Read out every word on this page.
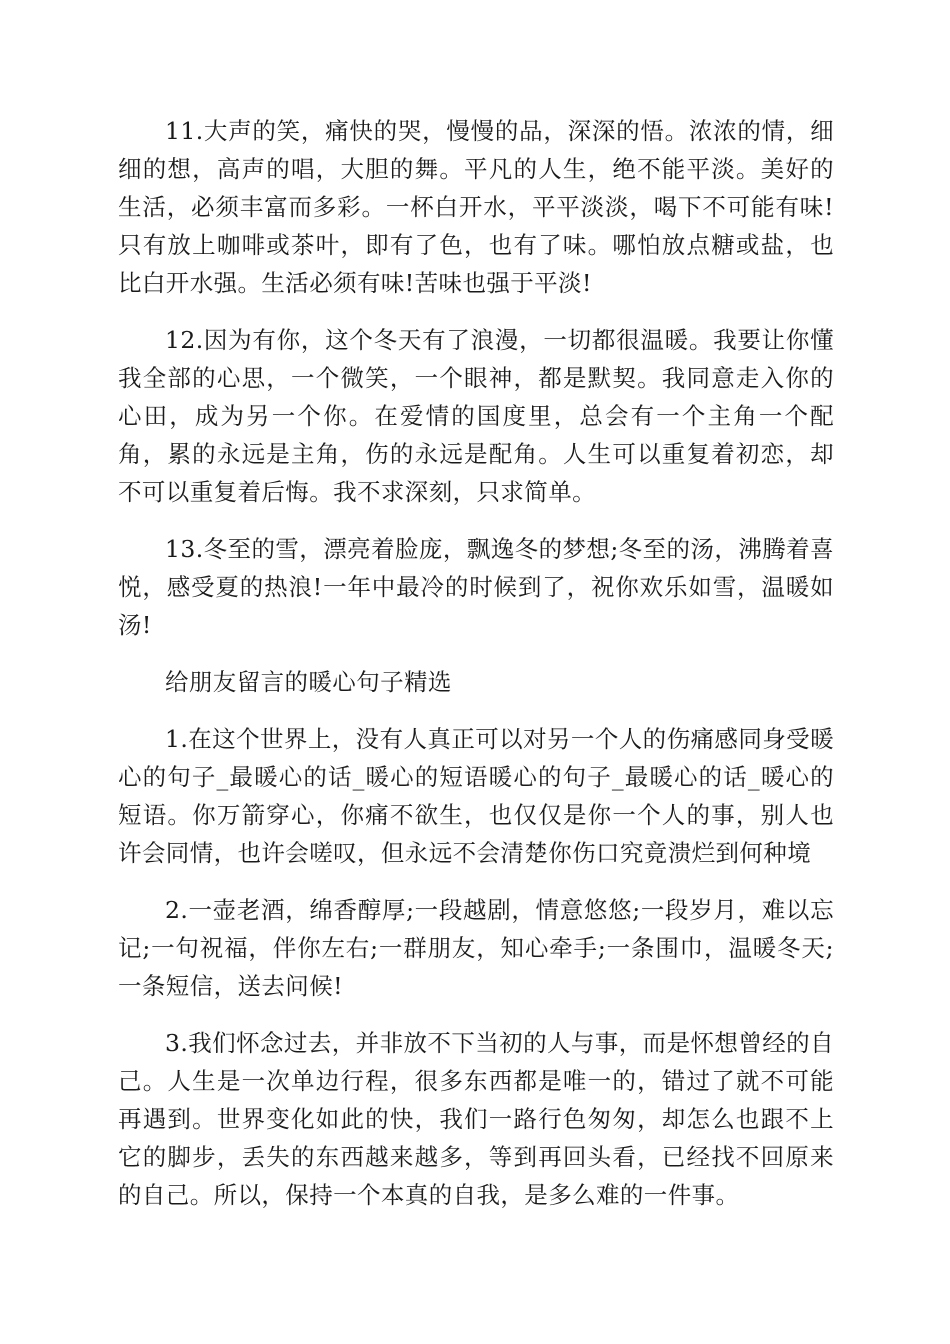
11.大声的笑，痛快的哭，慢慢的品，深深的悟。浓浓的情，细细的想，高声的唱，大胆的舞。平凡的人生，绝不能平淡。美好的生活，必须丰富而多彩。一杯白开水，平平淡淡，喝下不可能有味!只有放上咖啡或茶叶，即有了色，也有了味。哪怕放点糖或盐，也比白开水强。生活必须有味!苦味也强于平淡!

12.因为有你，这个冬天有了浪漫，一切都很温暖。我要让你懂我全部的心思，一个微笑，一个眼神，都是默契。我同意走入你的心田，成为另一个你。在爱情的国度里，总会有一个主角一个配角，累的永远是主角，伤的永远是配角。人生可以重复着初恋，却不可以重复着后悔。我不求深刻，只求简单。

13.冬至的雪，漂亮着脸庞，飘逸冬的梦想;冬至的汤，沸腾着喜悦，感受夏的热浪!一年中最冷的时候到了，祝你欢乐如雪，温暖如汤!

给朋友留言的暖心句子精选

1.在这个世界上，没有人真正可以对另一个人的伤痛感同身受暖心的句子_最暖心的话_暖心的短语暖心的句子_最暖心的话_暖心的短语。你万箭穿心，你痛不欲生，也仅仅是你一个人的事，别人也许会同情，也许会嗟叹，但永远不会清楚你伤口究竟溃烂到何种境

2.一壶老酒，绵香醇厚;一段越剧，情意悠悠;一段岁月，难以忘记;一句祝福，伴你左右;一群朋友，知心牵手;一条围巾，温暖冬天;一条短信，送去问候!

3.我们怀念过去，并非放不下当初的人与事，而是怀想曾经的自己。人生是一次单边行程，很多东西都是唯一的，错过了就不可能再遇到。世界变化如此的快，我们一路行色匆匆，却怎么也跟不上它的脚步，丢失的东西越来越多，等到再回头看，已经找不回原来的自己。所以，保持一个本真的自我，是多么难的一件事。
